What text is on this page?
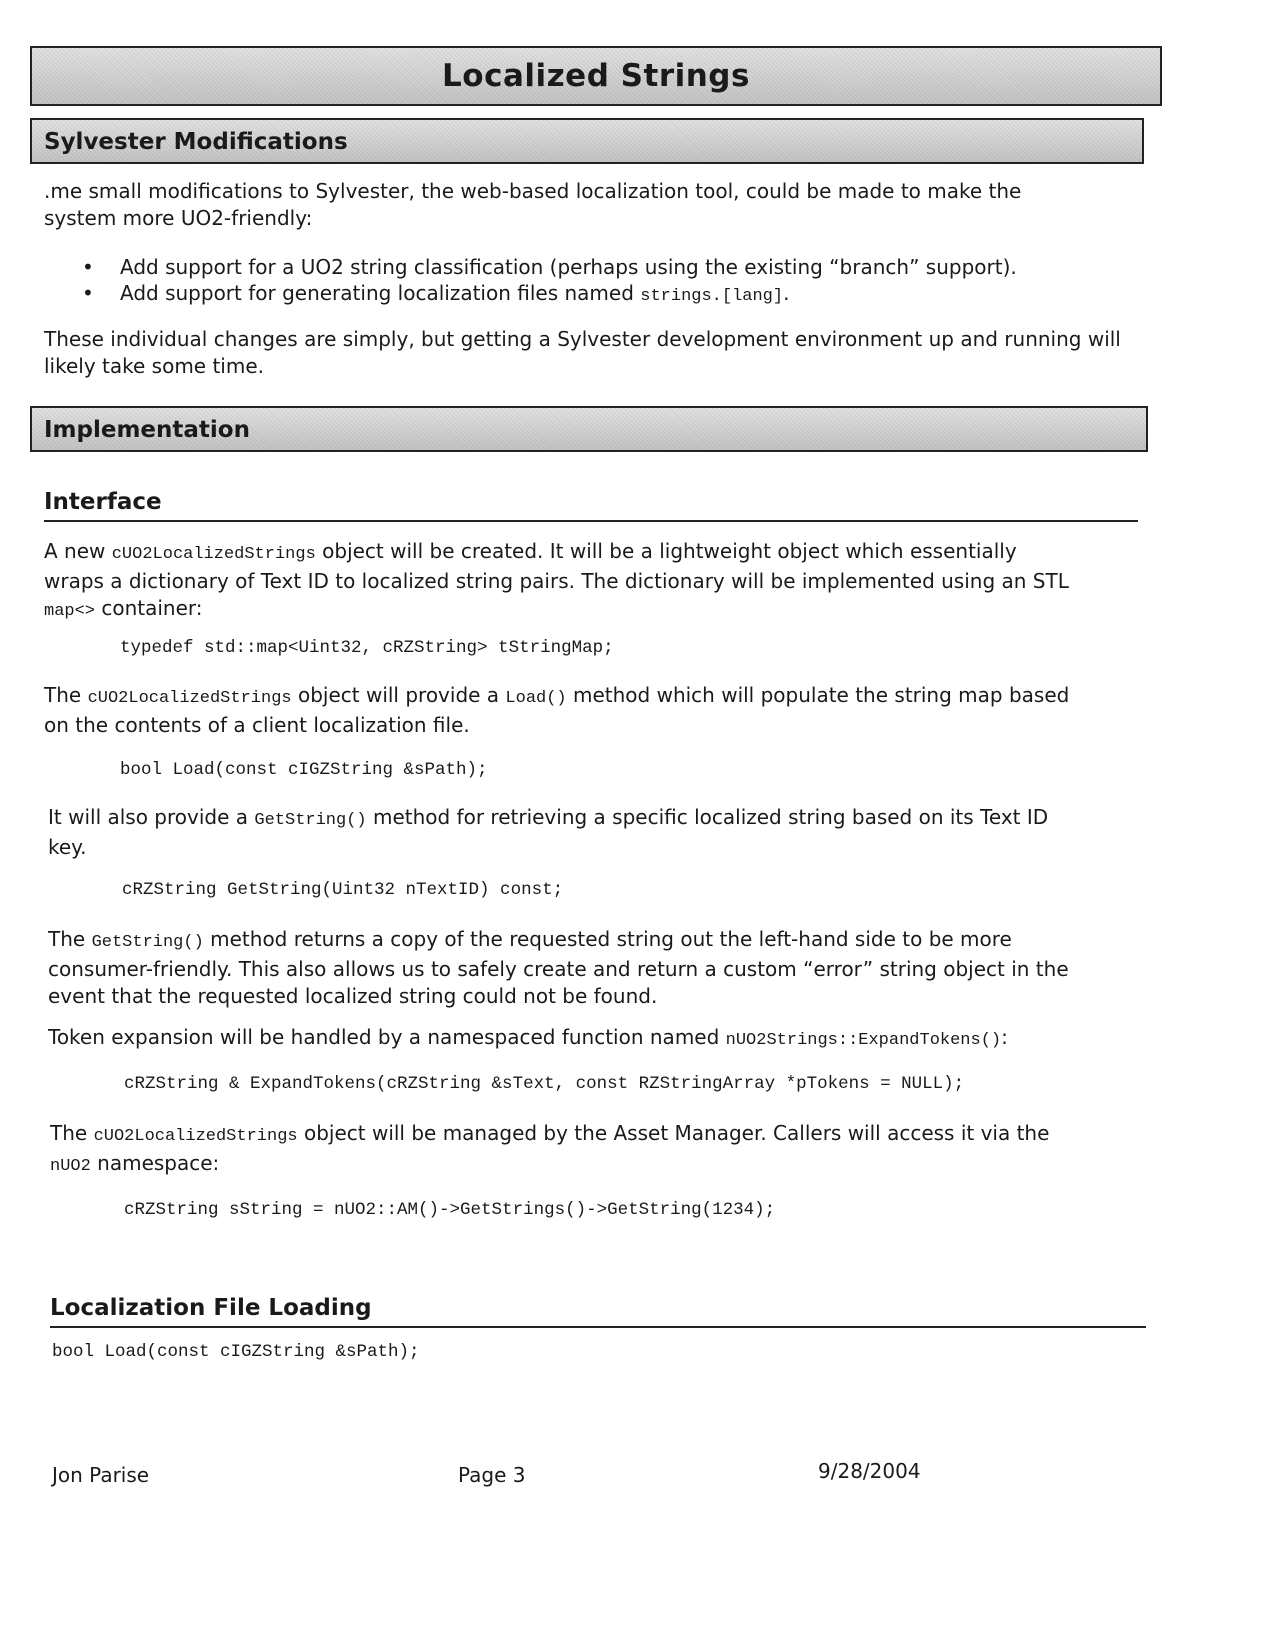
Localized Strings
Sylvester Modifications

.me small modifications to Sylvester, the web-based localization tool, could be made to make the
system more UO2-friendly:

• Add support for a UO2 string classification (perhaps using the existing “branch” support).
• Add support for generating localization files named strings.[lang].

These individual changes are simply, but getting a Sylvester development environment up and running will
likely take some time.

Implementation
Interface

A new cUO2LocalizedStrings object will be created. It will be a lightweight object which essentially
wraps a dictionary of Text ID to localized string pairs. The dictionary will be implemented using an STL
map<> container:

typedef std::map<Uint32, cRZString> tStringMap;

The cUO2LocalizedStrings object will provide a Load() method which will populate the string map based
on the contents of a client localization file.

bool Load(const cIGZString &sPath);

It will also provide a GetString() method for retrieving a specific localized string based on its Text ID
key.

cRZString GetString(Uint32 nTextID) const;

The GetString() method returns a copy of the requested string out the left-hand side to be more
consumer-friendly. This also allows us to safely create and return a custom “error” string object in the
event that the requested localized string could not be found.

Token expansion will be handled by a namespaced function named nUO2Strings::ExpandTokens():

cRZString & ExpandTokens(cRZString &sText, const RZStringArray *pTokens = NULL);

The cUO2LocalizedStrings object will be managed by the Asset Manager. Callers will access it via the
nUO2 namespace:

cRZString sString = nUO2::AM()->GetStrings()->GetString(1234);
Localization File Loading
bool Load(const cIGZString &sPath);
Jon Parise	Page 3	9/28/2004
